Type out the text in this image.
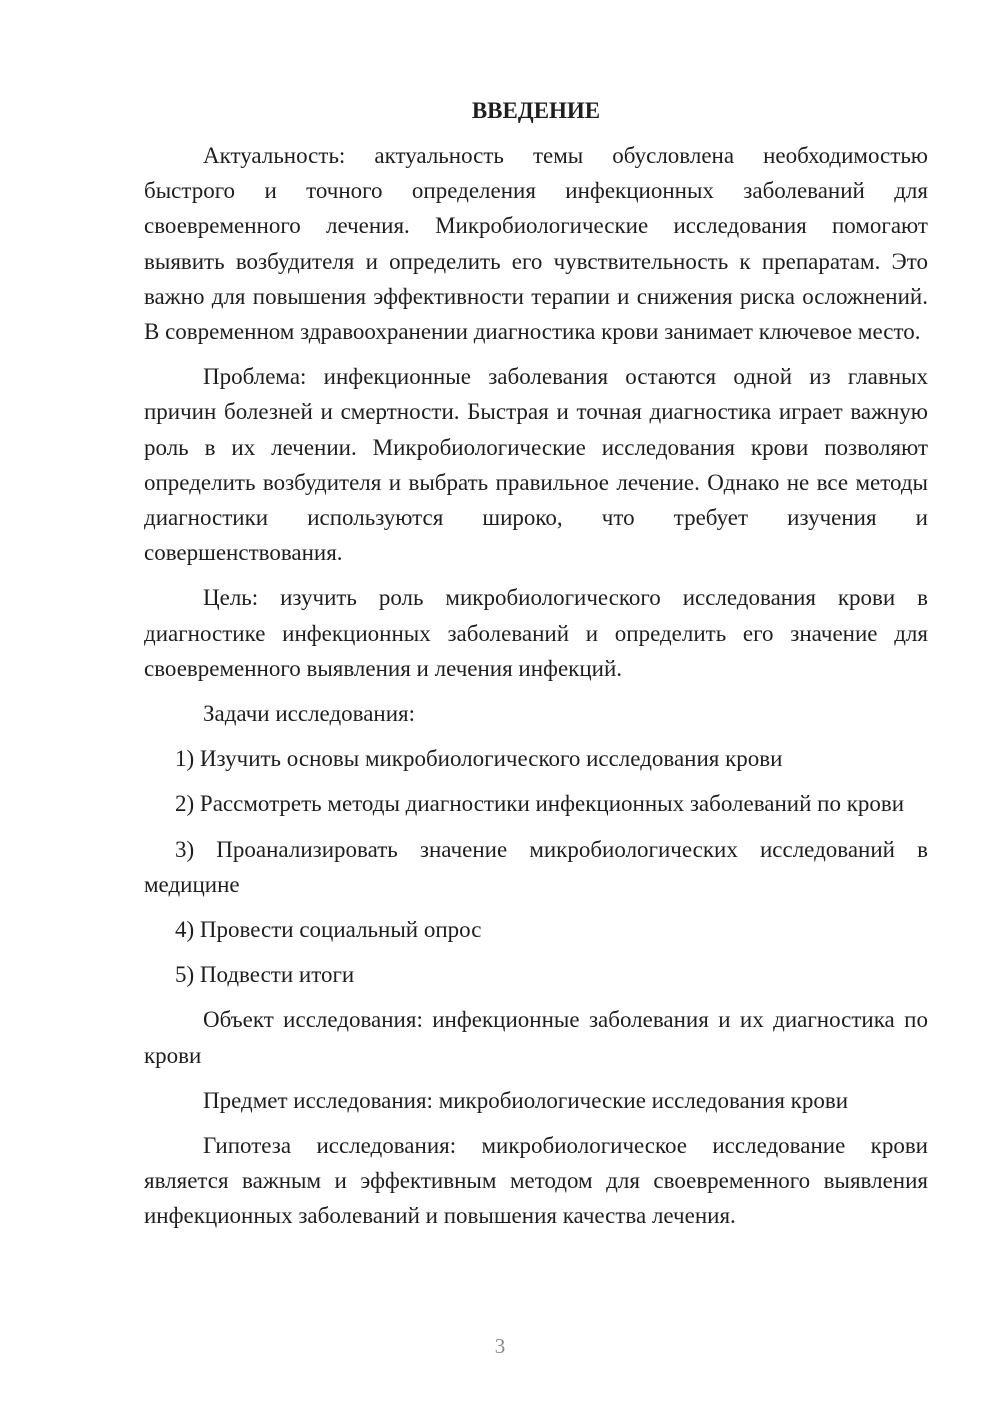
ВВЕДЕНИЕ

Актуальность: актуальность темы обусловлена необходимостью быстрого и точного определения инфекционных заболеваний для своевременного лечения. Микробиологические исследования помогают выявить возбудителя и определить его чувствительность к препаратам. Это важно для повышения эффективности терапии и снижения риска осложнений. В современном здравоохранении диагностика крови занимает ключевое место.

Проблема: инфекционные заболевания остаются одной из главных причин болезней и смертности. Быстрая и точная диагностика играет важную роль в их лечении. Микробиологические исследования крови позволяют определить возбудителя и выбрать правильное лечение. Однако не все методы диагностики используются широко, что требует изучения и совершенствования.

Цель: изучить роль микробиологического исследования крови в диагностике инфекционных заболеваний и определить его значение для своевременного выявления и лечения инфекций.

Задачи исследования:

1) Изучить основы микробиологического исследования крови

2) Рассмотреть методы диагностики инфекционных заболеваний по крови

3) Проанализировать значение микробиологических исследований в медицине

4) Провести социальный опрос

5) Подвести итоги

Объект исследования: инфекционные заболевания и их диагностика по крови

Предмет исследования: микробиологические исследования крови

Гипотеза исследования: микробиологическое исследование крови является важным и эффективным методом для своевременного выявления инфекционных заболеваний и повышения качества лечения.

3
